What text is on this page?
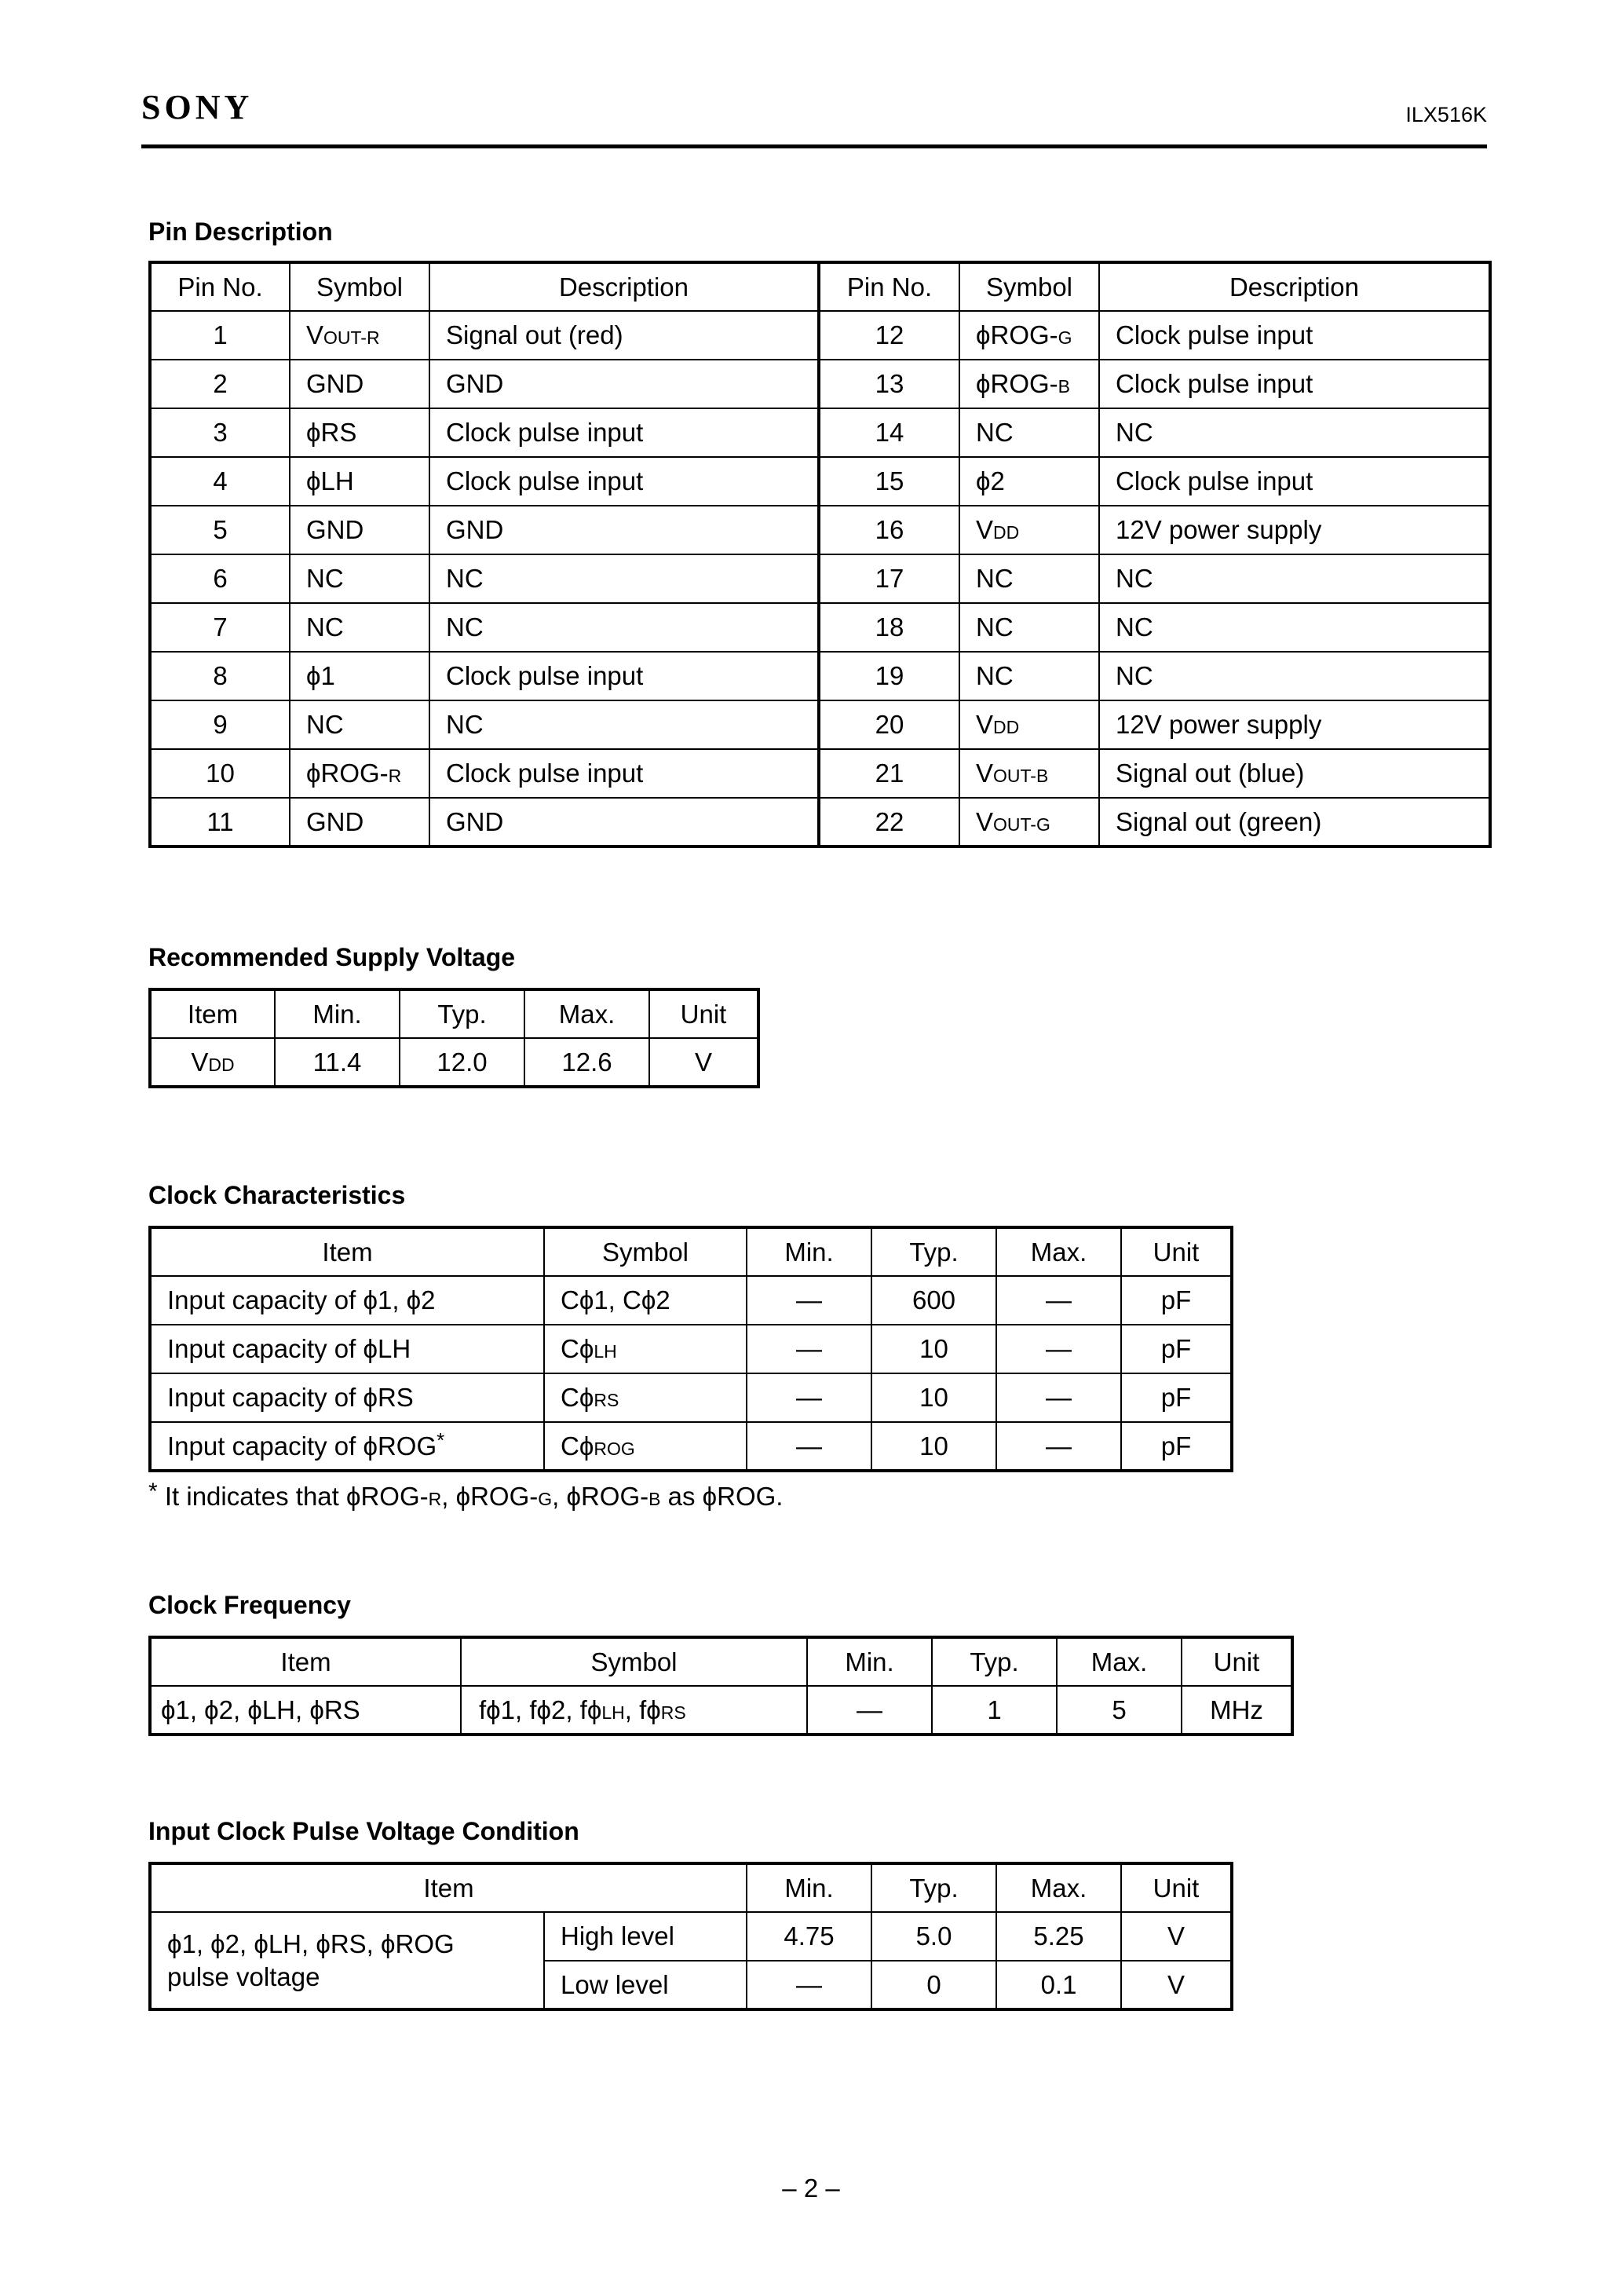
SONY	ILX516K
Pin Description
Pin No.	Symbol	Description	Pin No.	Symbol	Description
1	VOUT-R	Signal out (red)	12	ϕROG-G	Clock pulse input
2	GND	GND	13	ϕROG-B	Clock pulse input
3	ϕRS	Clock pulse input	14	NC	NC
4	ϕLH	Clock pulse input	15	ϕ2	Clock pulse input
5	GND	GND	16	VDD	12V power supply
6	NC	NC	17	NC	NC
7	NC	NC	18	NC	NC
8	ϕ1	Clock pulse input	19	NC	NC
9	NC	NC	20	VDD	12V power supply
10	ϕROG-R	Clock pulse input	21	VOUT-B	Signal out (blue)
11	GND	GND	22	VOUT-G	Signal out (green)
Recommended Supply Voltage
Item	Min.	Typ.	Max.	Unit
VDD	11.4	12.0	12.6	V
Clock Characteristics
Item	Symbol	Min.	Typ.	Max.	Unit
Input capacity of ϕ1, ϕ2	Cϕ1, Cϕ2	—	600	—	pF
Input capacity of ϕLH	CϕLH	—	10	—	pF
Input capacity of ϕRS	CϕRS	—	10	—	pF
Input capacity of ϕROG*	CϕROG	—	10	—	pF
* It indicates that ϕROG-R, ϕROG-G, ϕROG-B as ϕROG.
Clock Frequency
Item	Symbol	Min.	Typ.	Max.	Unit
ϕ1, ϕ2, ϕLH, ϕRS	fϕ1, fϕ2, fϕLH, fϕRS	—	1	5	MHz
Input Clock Pulse Voltage Condition
Item		Min.	Typ.	Max.	Unit

ϕ1, ϕ2, ϕLH, ϕRS, ϕROG
pulse voltage	High level	4.75	5.0	5.25	V
	Low level	—	0	0.1	V
– 2 –
